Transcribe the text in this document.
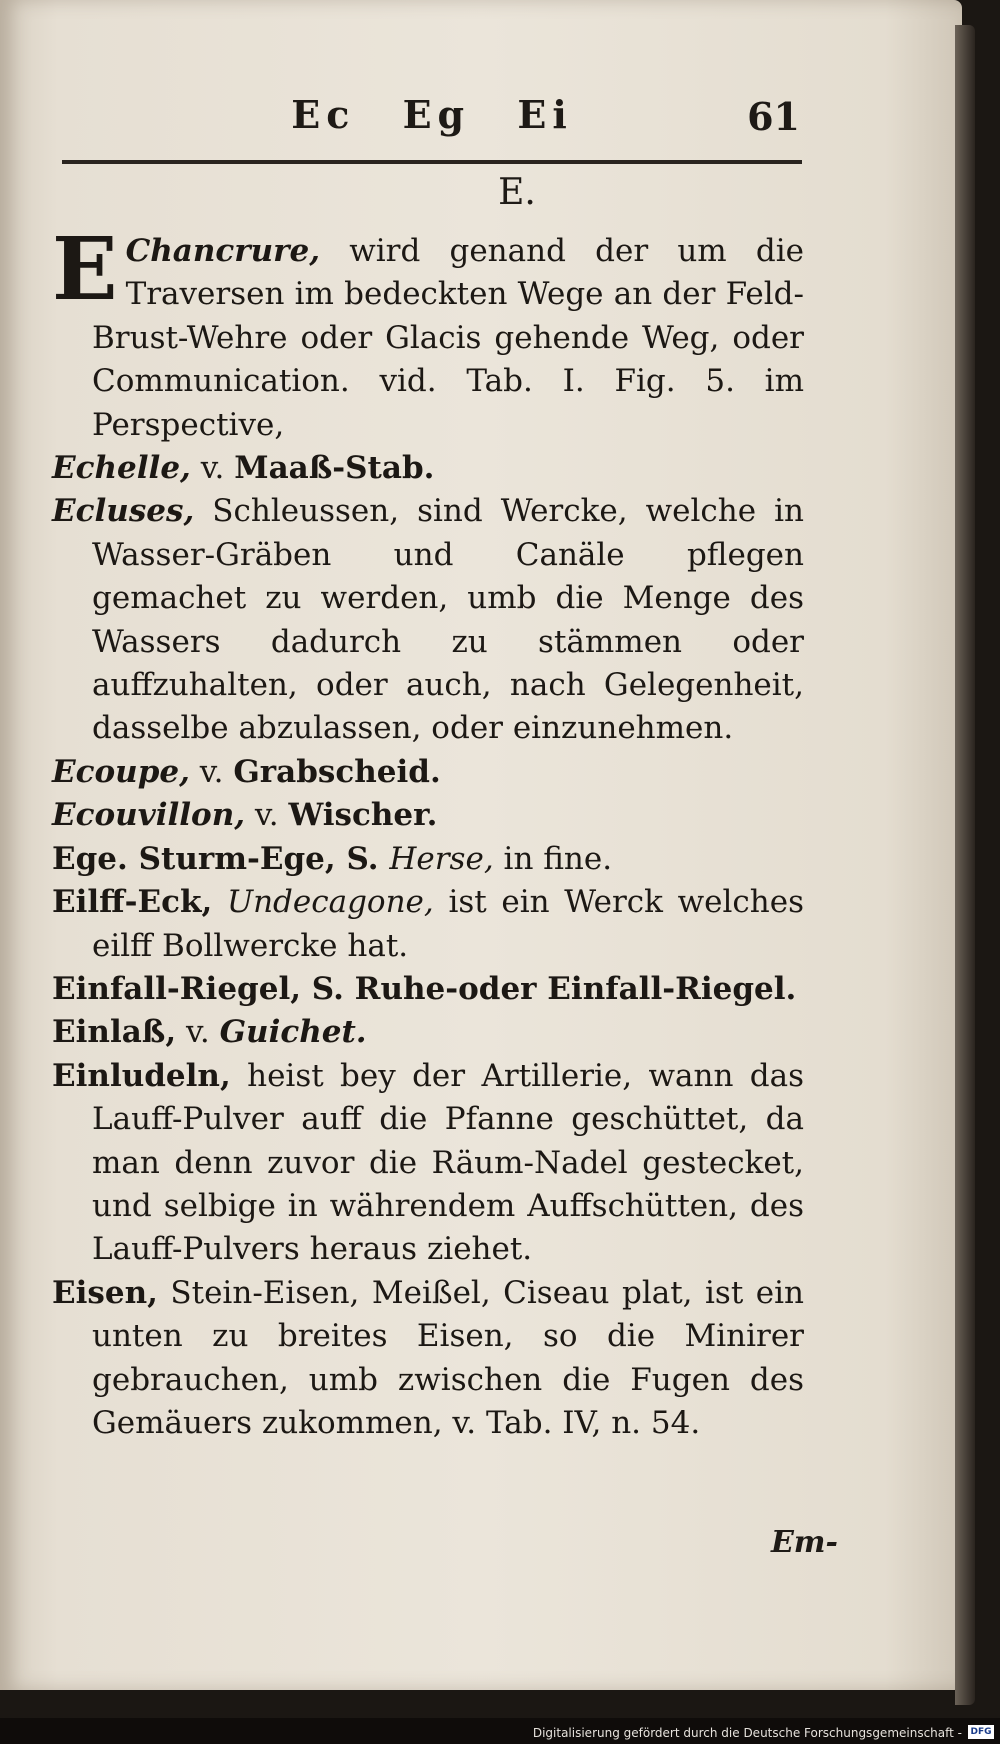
Ec Eg Ei	61
E.
E Chancrure, wird genand der um die Traversen im bedeckten Wege an der Feld-Brust-Wehre oder Glacis gehende Weg, oder Communication. vid. Tab. I. Fig. 5. im Perspective,
Echelle, v. Maaß-Stab.
Ecluses, Schleussen, sind Wercke, welche in Wasser-Gräben und Canäle pflegen gemachet zu werden, umb die Menge des Wassers dadurch zu stämmen oder auffzuhalten, oder auch, nach Gelegenheit, dasselbe abzulassen, oder einzunehmen.
Ecoupe, v. Grabscheid.
Ecouvillon, v. Wischer.
Ege. Sturm-Ege, S. Herse, in fine.
Eilff-Eck, Undecagone, ist ein Werck welches eilff Bollwercke hat.
Einfall-Riegel, S. Ruhe-oder Einfall-Riegel.
Einlaß, v. Guichet.
Einludeln, heist bey der Artillerie, wann das Lauff-Pulver auff die Pfanne geschüttet, da man denn zuvor die Räum-Nadel gestecket, und selbige in währendem Auffschütten, des Lauff-Pulvers heraus ziehet.
Eisen, Stein-Eisen, Meißel, Ciseau plat, ist ein unten zu breites Eisen, so die Minirer gebrauchen, umb zwischen die Fugen des Gemäuers zukommen, v. Tab. IV, n. 54.
Em-
Digitalisierung gefördert durch die Deutsche Forschungsgemeinschaft - DFG
